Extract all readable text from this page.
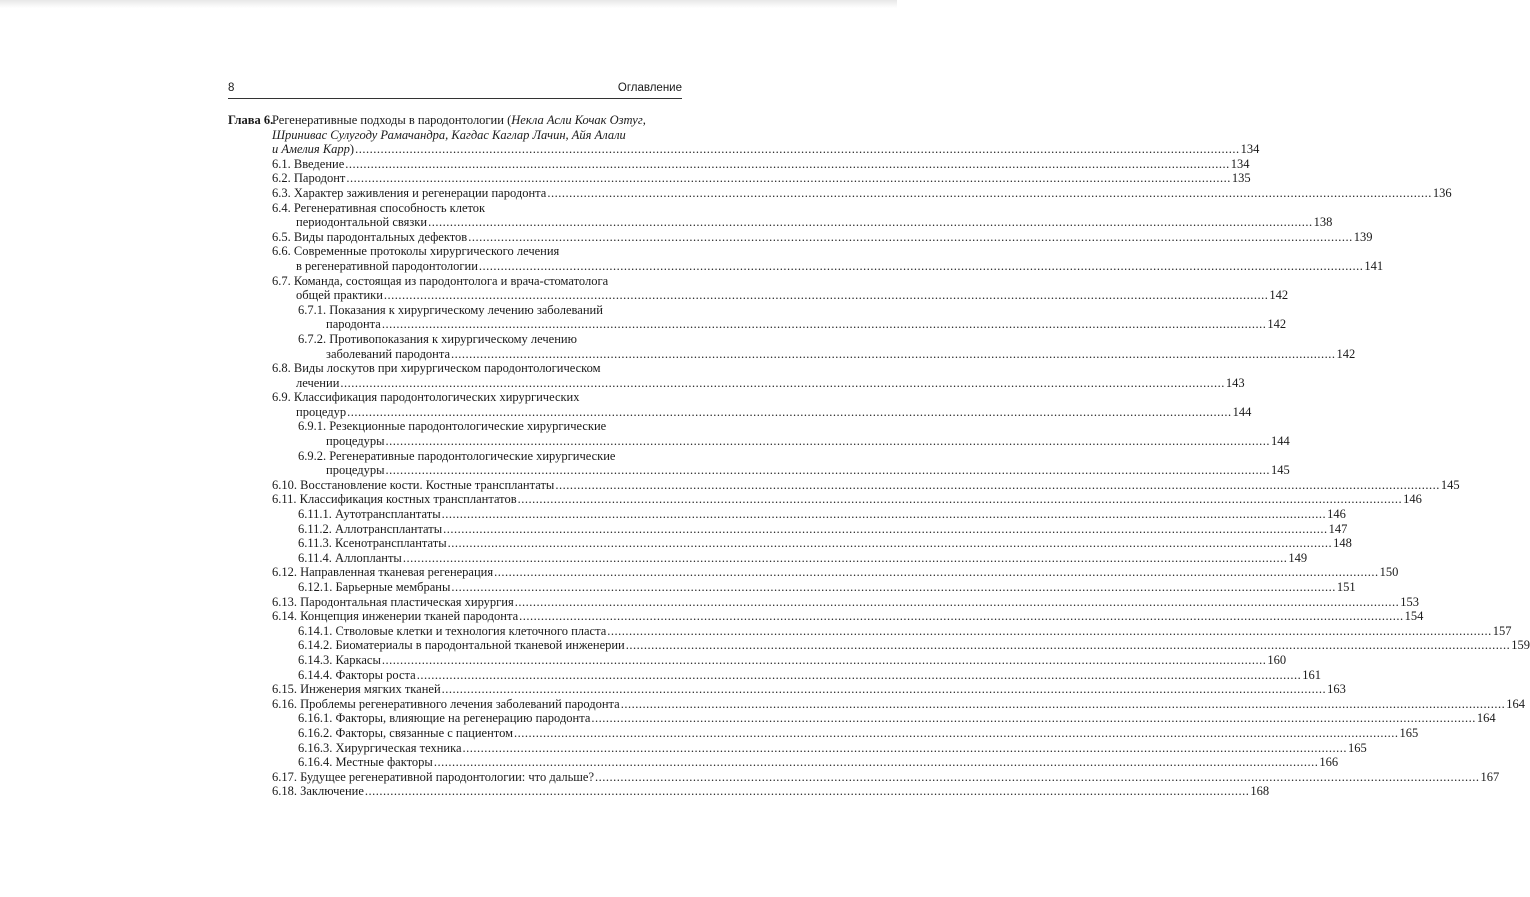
8	Оглавление
Глава 6.
Регенеративные подходы в пародонтологии (Некла Асли Кочак Озтуг,
Шринивас Сулугоду Рамачандра, Кагдас Каглар Лачин, Айя Алали

и Амелия Карр) .....	134
6.1. Введение .....	134
6.2. Пародонт .....	135
6.3. Характер заживления и регенерации пародонта .....	136
6.4. Регенеративная способность клеток
периодонтальной связки .....	138
6.5. Виды пародонтальных дефектов .....	139
6.6. Современные протоколы хирургического лечения
в регенеративной пародонтологии .....	141
6.7. Команда, состоящая из пародонтолога и врача-стоматолога
общей практики .....	142
6.7.1. Показания к хирургическому лечению заболеваний
пародонта .....	142
6.7.2. Противопоказания к хирургическому лечению
заболеваний пародонта .....	142
6.8. Виды лоскутов при хирургическом пародонтологическом
лечении .....	143
6.9. Классификация пародонтологических хирургических
процедур .....	144
6.9.1. Резекционные пародонтологические хирургические
процедуры .....	144
6.9.2. Регенеративные пародонтологические хирургические
процедуры .....	145
6.10. Восстановление кости. Костные трансплантаты .....	145
6.11. Классификация костных трансплантатов .....	146
6.11.1. Аутотрансплантаты .....	146
6.11.2. Аллотрансплантаты .....	147
6.11.3. Ксенотрансплантаты .....	148
6.11.4. Аллопланты .....	149
6.12. Направленная тканевая регенерация .....	150
6.12.1. Барьерные мембраны .....	151
6.13. Пародонтальная пластическая хирургия .....	153
6.14. Концепция инженерии тканей пародонта .....	154
6.14.1. Стволовые клетки и технология клеточного пласта .....	157
6.14.2. Биоматериалы в пародонтальной тканевой инженерии .....	159
6.14.3. Каркасы .....	160
6.14.4. Факторы роста .....	161
6.15. Инженерия мягких тканей .....	163
6.16. Проблемы регенеративного лечения заболеваний пародонта .....	164
6.16.1. Факторы, влияющие на регенерацию пародонта .....	164
6.16.2. Факторы, связанные с пациентом .....	165
6.16.3. Хирургическая техника .....	165
6.16.4. Местные факторы .....	166
6.17. Будущее регенеративной пародонтологии: что дальше? .....	167
6.18. Заключение .....	168
